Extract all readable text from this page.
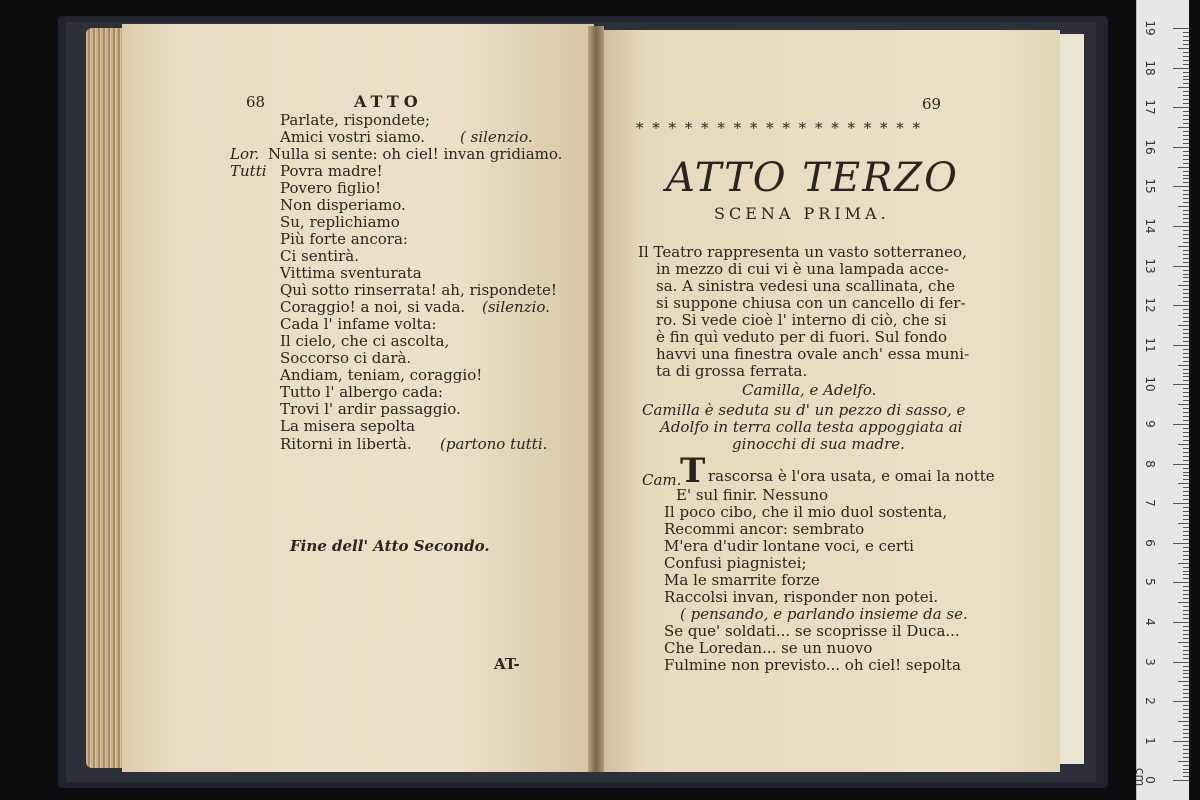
68	ATTO
Parlate, rispondete;
Amici vostri siamo. ( silenzio.
Lor. Nulla si sente: oh ciel! invan gridiamo.
Tutti Povra madre!
Povero figlio!
Non disperiamo.
Su, replichiamo
Più forte ancora:
Ci sentirà.
Vittima sventurata
Quì sotto rinserrata! ah, rispondete!
Coraggio! a noi, si vada. (silenzio.
Cada l' infame volta:
Il cielo, che ci ascolta,
Soccorso ci darà.
Andiam, teniam, coraggio!
Tutto l' albergo cada:
Trovi l' ardir passaggio.
La misera sepolta
Ritorni in libertà. (partono tutti.
Fine dell' Atto Secondo.
AT-
69
* * * * * * * * * * * * * * * * * *
ATTO TERZO
SCENA PRIMA.
Il Teatro rappresenta un vasto sotterraneo,
in mezzo di cui vi è una lampada acce-
sa. A sinistra vedesi una scallinata, che
si suppone chiusa con un cancello di fer-
ro. Si vede cioè l' interno di ciò, che si
è fin quì veduto per di fuori. Sul fondo
havvi una finestra ovale anch' essa muni-
ta di grossa ferrata.
Camilla, e Adelfo.
Camilla è seduta su d' un pezzo di sasso, e
Adolfo in terra colla testa appoggiata ai
ginocchi di sua madre.
Cam.
T rascorsa è l'ora usata, e omai la notte
E' sul finir. Nessuno
Il poco cibo, che il mio duol sostenta,
Recommi ancor: sembrato
M'era d'udir lontane voci, e certi
Confusi piagnistei;
Ma le smarrite forze
Raccolsi invan, risponder non potei.
( pensando, e parlando insieme da se.
Se que' soldati... se scoprisse il Duca...
Che Loredan... se un nuovo
Fulmine non previsto... oh ciel! sepolta
19
18
17
16
15
14
13
12
11
10
9
8
7
6
5
4
3
2
1
0
cm
